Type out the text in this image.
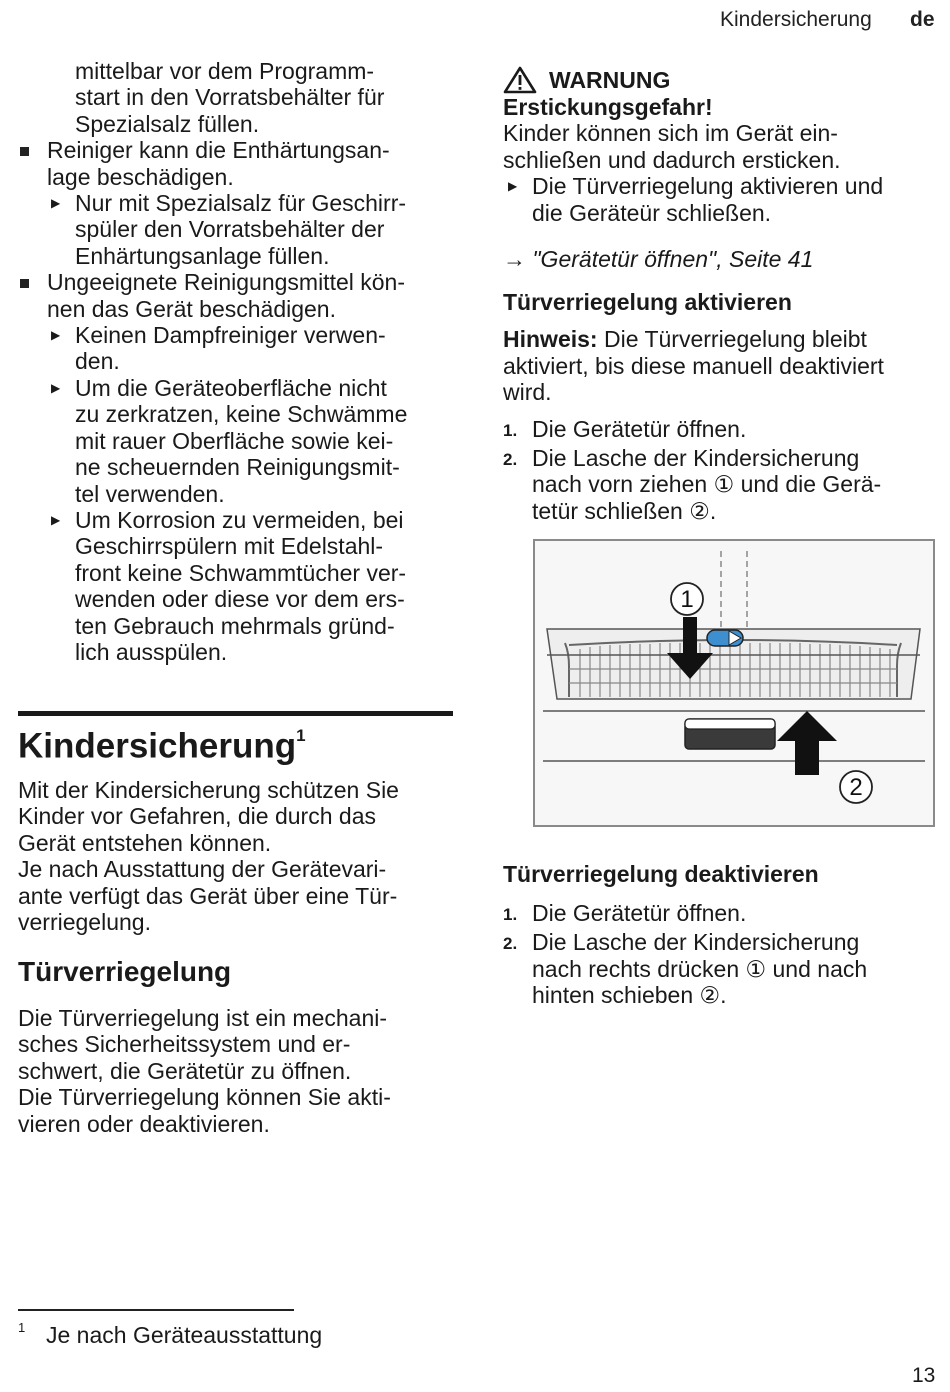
Kindersicherung de
mittelbar vor dem Programm-
start in den Vorratsbehälter für
Spezialsalz füllen.
Reiniger kann die Enthärtungsan-
lage beschädigen.
▶ Nur mit Spezialsalz für Geschirr-
spüler den Vorratsbehälter der
Enhärtungsanlage füllen.
Ungeeignete Reinigungsmittel kön-
nen das Gerät beschädigen.
▶ Keinen Dampfreiniger verwen-
den.
▶ Um die Geräteoberfläche nicht
zu zerkratzen, keine Schwämme
mit rauer Oberfläche sowie kei-
ne scheuernden Reinigungsmit-
tel verwenden.
▶ Um Korrosion zu vermeiden, bei
Geschirrspülern mit Edelstahl-
front keine Schwammtücher ver-
wenden oder diese vor dem ers-
ten Gebrauch mehrmals gründ-
lich ausspülen.
Kindersicherung$^1$
Mit der Kindersicherung schützen Sie
Kinder vor Gefahren, die durch das
Gerät entstehen können.
Je nach Ausstattung der Gerätevari-
ante verfügt das Gerät über eine Tür-
verriegelung.
Türverriegelung
Die Türverriegelung ist ein mechani-
sches Sicherheitssystem und er-
schwert, die Gerätetür zu öffnen.
Die Türverriegelung können Sie akti-
vieren oder deaktivieren.
WARNUNG
Erstickungsgefahr!
Kinder können sich im Gerät ein-
schließen und dadurch ersticken.
▶ Die Türverriegelung aktivieren und
die Geräteür schließen.
→ "Gerätetür öffnen", Seite 41
Türverriegelung aktivieren
Hinweis: Die Türverriegelung bleibt
aktiviert, bis diese manuell deaktiviert
wird.
1. Die Gerätetür öffnen.
2. Die Lasche der Kindersicherung
nach vorn ziehen ① und die Gerä-
tetür schließen ②.
1
2
Türverriegelung deaktivieren
1. Die Gerätetür öffnen.
2. Die Lasche der Kindersicherung
nach rechts drücken ① und nach
hinten schieben ②.
1 Je nach Geräteausstattung
13
